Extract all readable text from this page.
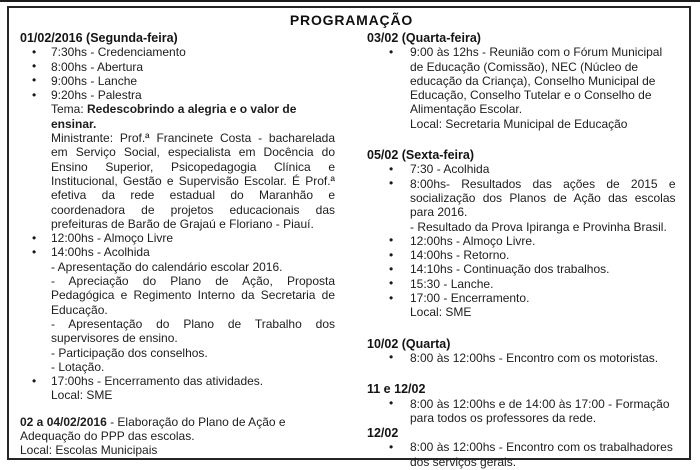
PROGRAMAÇÃO
01/02/2016 (Segunda-feira)
• 7:30hs - Credenciamento
• 8:00hs - Abertura
• 9:00hs - Lanche
• 9:20hs - Palestra
Tema: Redescobrindo a alegria e o valor de ensinar.
Ministrante: Prof.ª Francinete Costa - bacharelada em Serviço Social, especialista em Docência do Ensino Superior, Psicopedagogia Clínica e Institucional, Gestão e Supervisão Escolar. É Prof.ª efetiva da rede estadual do Maranhão e coordenadora de projetos educacionais das prefeituras de Barão de Grajaú e Floriano - Piauí.
• 12:00hs - Almoço Livre
• 14:00hs - Acolhida
- Apresentação do calendário escolar 2016.
- Apreciação do Plano de Ação, Proposta Pedagógica e Regimento Interno da Secretaria de Educação.
- Apresentação do Plano de Trabalho dos supervisores de ensino.
- Participação dos conselhos.
- Lotação.
• 17:00hs - Encerramento das atividades.
Local: SME

02 a 04/02/2016 - Elaboração do Plano de Ação e Adequação do PPP das escolas.

Local: Escolas Municipais

03/02 (Quarta-feira)
• 9:00 às 12hs - Reunião com o Fórum Municipal de Educação (Comissão), NEC (Núcleo de educação da Criança), Conselho Municipal de Educação, Conselho Tutelar e o Conselho de Alimentação Escolar.
Local: Secretaria Municipal de Educação
05/02 (Sexta-feira)
• 7:30 - Acolhida
• 8:00hs- Resultados das ações de 2015 e socialização dos Planos de Ação das escolas para 2016.
- Resultado da Prova Ipiranga e Provinha Brasil.
• 12:00hs - Almoço Livre.
• 14:00hs - Retorno.
• 14:10hs - Continuação dos trabalhos.
• 15:30 - Lanche.
• 17:00 - Encerramento.
Local: SME
10/02 (Quarta)
• 8:00 às 12:00hs - Encontro com os motoristas.
11 e 12/02
• 8:00 às 12:00hs e de 14:00 às 17:00 - Formação para todos os professores da rede.
12/02
• 8:00 às 12:00hs - Encontro com os trabalhadores dos serviços gerais.
